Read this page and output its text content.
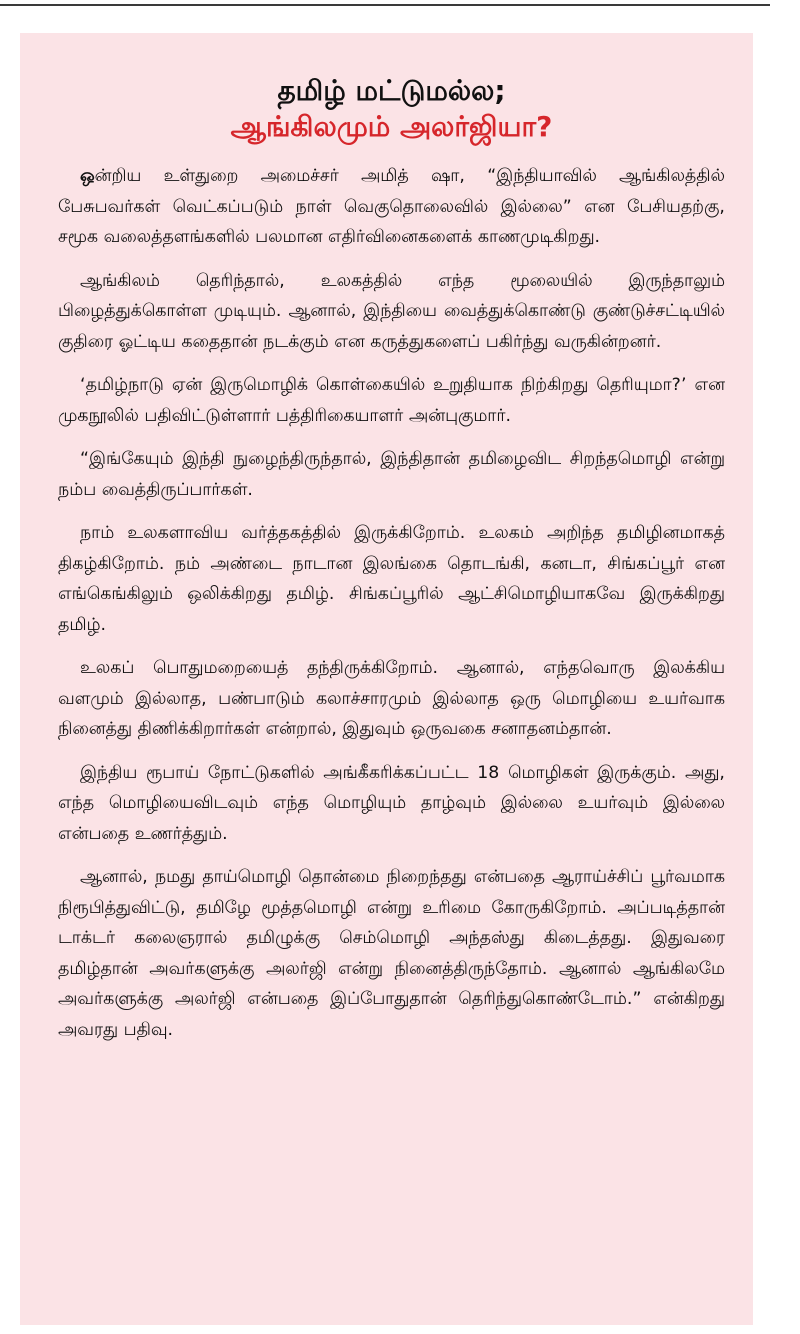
தமிழ் மட்டுமல்ல;
ஆங்கிலமும் அலர்ஜியா?

ஒன்றிய உள்துறை அமைச்சர் அமித் ஷா, “இந்தியாவில் ஆங்கிலத்தில் பேசுபவர்கள் வெட்கப்படும் நாள் வெகுதொலைவில் இல்லை” என பேசியதற்கு, சமூக வலைத்தளங்களில் பலமான எதிர்வினைகளைக் காணமுடிகிறது.

ஆங்கிலம் தெரிந்தால், உலகத்தில் எந்த மூலையில் இருந்தாலும் பிழைத்துக்கொள்ள முடியும். ஆனால், இந்தியை வைத்துக்கொண்டு குண்டுச்சட்டியில் குதிரை ஓட்டிய கதைதான் நடக்கும் என கருத்துகளைப் பகிர்ந்து வருகின்றனர்.

‘தமிழ்நாடு ஏன் இருமொழிக் கொள்கையில் உறுதியாக நிற்கிறது தெரியுமா?’ என முகநூலில் பதிவிட்டுள்ளார் பத்திரிகையாளர் அன்புகுமார்.

“இங்கேயும் இந்தி நுழைந்திருந்தால், இந்திதான் தமிழைவிட சிறந்தமொழி என்று நம்ப வைத்திருப்பார்கள்.

நாம் உலகளாவிய வர்த்தகத்தில் இருக்கிறோம். உலகம் அறிந்த தமிழினமாகத் திகழ்கிறோம். நம் அண்டை நாடான இலங்கை தொடங்கி, கனடா, சிங்கப்பூர் என எங்கெங்கிலும் ஒலிக்கிறது தமிழ். சிங்கப்பூரில் ஆட்சிமொழியாகவே இருக்கிறது தமிழ்.

உலகப் பொதுமறையைத் தந்திருக்கிறோம். ஆனால், எந்தவொரு இலக்கிய வளமும் இல்லாத, பண்பாடும் கலாச்சாரமும் இல்லாத ஒரு மொழியை உயர்வாக நினைத்து திணிக்கிறார்கள் என்றால், இதுவும் ஒருவகை சனாதனம்தான்.

இந்திய ரூபாய் நோட்டுகளில் அங்கீகரிக்கப்பட்ட 18 மொழிகள் இருக்கும். அது, எந்த மொழியைவிடவும் எந்த மொழியும் தாழ்வும் இல்லை உயர்வும் இல்லை என்பதை உணர்த்தும்.

ஆனால், நமது தாய்மொழி தொன்மை நிறைந்தது என்பதை ஆராய்ச்சிப் பூர்வமாக நிரூபித்துவிட்டு, தமிழே மூத்தமொழி என்று உரிமை கோருகிறோம். அப்படித்தான் டாக்டர் கலைஞரால் தமிழுக்கு செம்மொழி அந்தஸ்து கிடைத்தது. இதுவரை தமிழ்தான் அவர்களுக்கு அலர்ஜி என்று நினைத்திருந்தோம். ஆனால் ஆங்கிலமே அவர்களுக்கு அலர்ஜி என்பதை இப்போதுதான் தெரிந்துகொண்டோம்.” என்கிறது அவரது பதிவு.
